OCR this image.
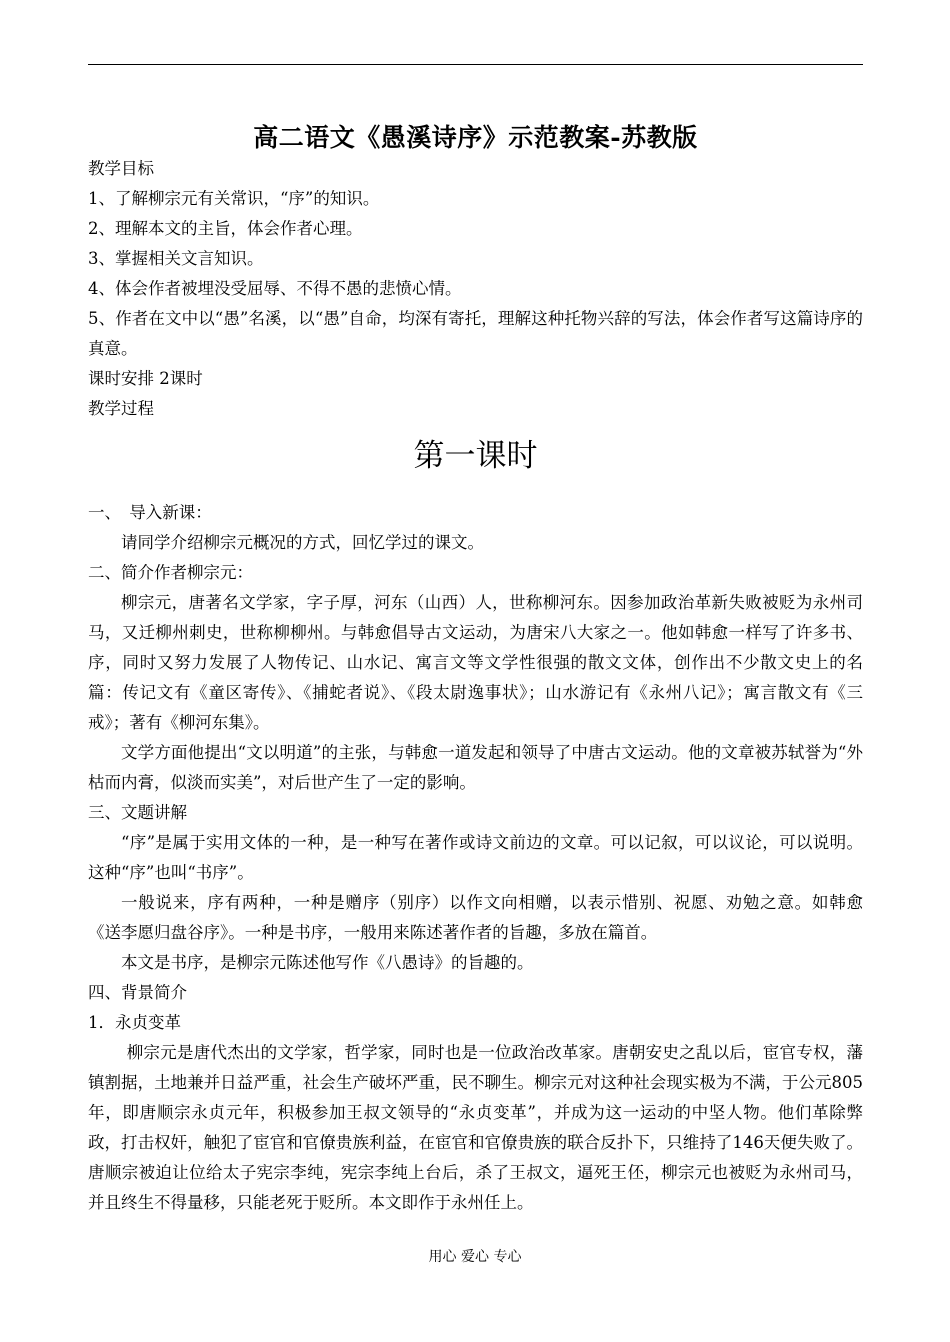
高二语文《愚溪诗序》示范教案-苏教版

教学目标

1、了解柳宗元有关常识，“序”的知识。

2、理解本文的主旨，体会作者心理。

3、掌握相关文言知识。

4、体会作者被埋没受屈辱、不得不愚的悲愤心情。

5、作者在文中以“愚”名溪，以“愚”自命，均深有寄托，理解这种托物兴辞的写法，体会作者写这篇诗序的真意。

课时安排 2课时

教学过程

第一课时

一、　导入新课：

请同学介绍柳宗元概况的方式，回忆学过的课文。

二、简介作者柳宗元：

柳宗元，唐著名文学家，字子厚，河东（山西）人，世称柳河东。因参加政治革新失败被贬为永州司马，又迁柳州刺史，世称柳柳州。与韩愈倡导古文运动，为唐宋八大家之一。他如韩愈一样写了许多书、序，同时又努力发展了人物传记、山水记、寓言文等文学性很强的散文文体，创作出不少散文史上的名篇：传记文有《童区寄传》、《捕蛇者说》、《段太尉逸事状》；山水游记有《永州八记》；寓言散文有《三戒》；著有《柳河东集》。

文学方面他提出“文以明道”的主张，与韩愈一道发起和领导了中唐古文运动。他的文章被苏轼誉为“外枯而内膏，似淡而实美”，对后世产生了一定的影响。

三、文题讲解

“序”是属于实用文体的一种，是一种写在著作或诗文前边的文章。可以记叙，可以议论，可以说明。这种“序”也叫“书序”。

一般说来，序有两种，一种是赠序（别序）以作文向相赠，以表示惜别、祝愿、劝勉之意。如韩愈《送李愿归盘谷序》。一种是书序，一般用来陈述著作者的旨趣，多放在篇首。

本文是书序，是柳宗元陈述他写作《八愚诗》的旨趣的。

四、背景简介

1．永贞变革

柳宗元是唐代杰出的文学家，哲学家，同时也是一位政治改革家。唐朝安史之乱以后，宦官专权，藩镇割据，土地兼并日益严重，社会生产破坏严重，民不聊生。柳宗元对这种社会现实极为不满，于公元805年，即唐顺宗永贞元年，积极参加王叔文领导的“永贞变革”，并成为这一运动的中坚人物。他们革除弊政，打击权奸，触犯了宦官和官僚贵族利益，在宦官和官僚贵族的联合反扑下，只维持了146天便失败了。唐顺宗被迫让位给太子宪宗李纯，宪宗李纯上台后，杀了王叔文，逼死王伾，柳宗元也被贬为永州司马，并且终生不得量移，只能老死于贬所。本文即作于永州任上。

用心 爱心 专心
